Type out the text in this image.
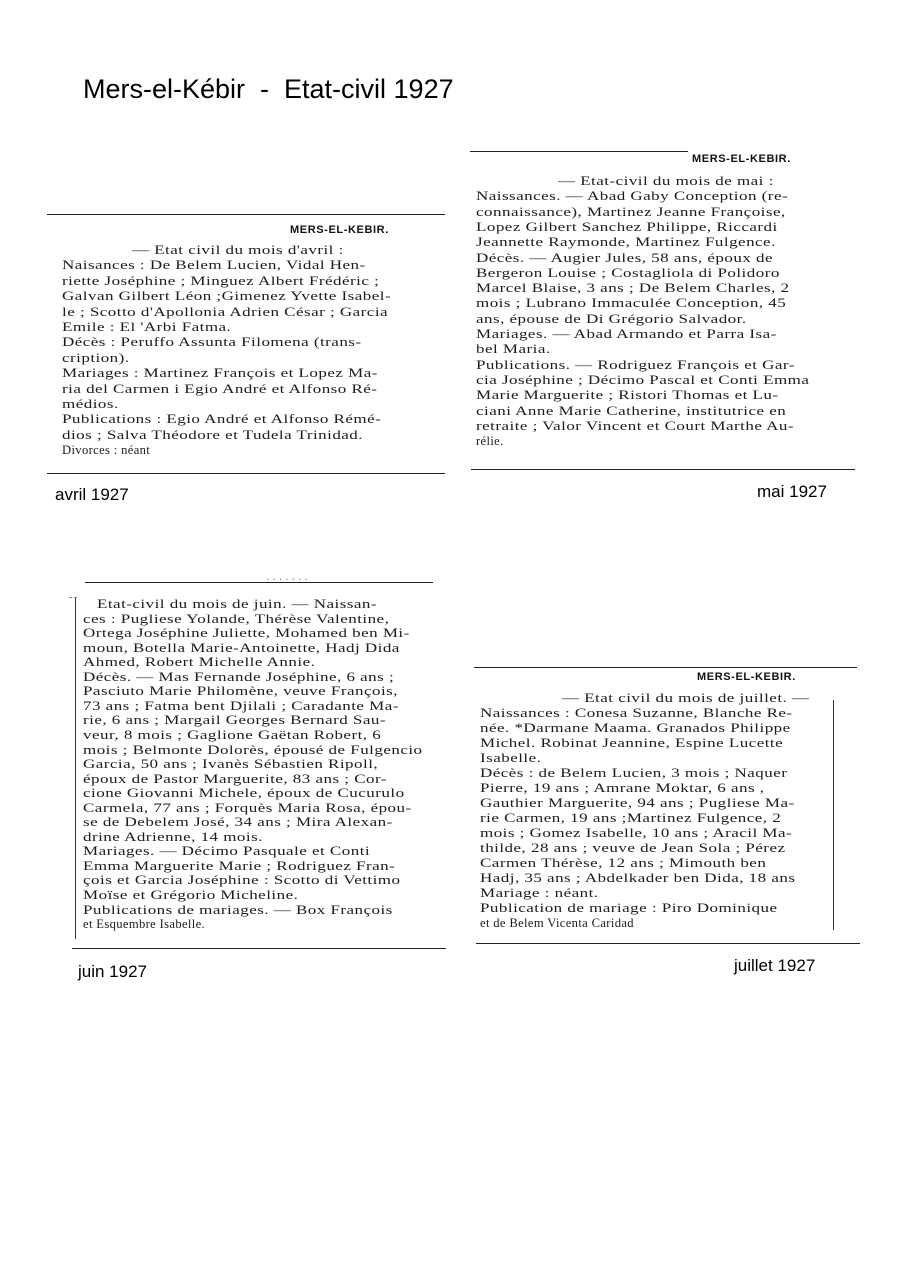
Mers-el-Kébir  -  Etat-civil 1927
MERS-EL-KEBIR.
— Etat civil du mois d'avril :
Naisances : De Belem Lucien, Vidal Hen-
riette Joséphine ; Minguez Albert Frédéric ;
Galvan Gilbert Léon ;Gimenez Yvette Isabel-
le ; Scotto d'Apollonia Adrien César ; Garcia
Emile : El 'Arbi Fatma.
Décès : Peruffo Assunta Filomena (trans-
cription).
Mariages : Martinez François et Lopez Ma-
ria del Carmen i Egio André et Alfonso Ré-
médios.
Publications : Egio André et Alfonso Rémé-
dios ; Salva Théodore et Tudela Trinidad.
Divorces : néant
avril 1927
MERS-EL-KEBIR.
— Etat-civil du mois de mai :
Naissances. — Abad Gaby Conception (re-
connaissance), Martinez Jeanne Françoise,
Lopez Gilbert Sanchez Philippe, Riccardi
Jeannette Raymonde, Martinez Fulgence.
Décès. — Augier Jules, 58 ans, époux de
Bergeron Louise ; Costagliola di Polidoro
Marcel Blaise, 3 ans ; De Belem Charles, 2
mois ; Lubrano Immaculée Conception, 45
ans, épouse de Di Grégorio Salvador.
Mariages. — Abad Armando et Parra Isa-
bel Maria.
Publications. — Rodriguez François et Gar-
cia Joséphine ; Décimo Pascal et Conti Emma
Marie Marguerite ; Ristori Thomas et Lu-
ciani Anne Marie Catherine, institutrice en
retraite ; Valor Vincent et Court Marthe Au-
rélie.
mai 1927
.......
Etat-civil du mois de juin. — Naissan-
ces : Pugliese Yolande, Thérèse Valentine,
Ortega Joséphine Juliette, Mohamed ben Mi-
moun, Botella Marie-Antoinette, Hadj Dida
Ahmed, Robert Michelle Annie.
Décès. — Mas Fernande Joséphine, 6 ans ;
Pasciuto Marie Philomène, veuve François,
73 ans ; Fatma bent Djilali ; Caradante Ma-
rie, 6 ans ; Margail Georges Bernard Sau-
veur, 8 mois ; Gaglione Gaëtan Robert, 6
mois ; Belmonte Dolorès, épousé de Fulgencio
Garcia, 50 ans ; Ivanès Sébastien Ripoll,
époux de Pastor Marguerite, 83 ans ; Cor-
cione Giovanni Michele, époux de Cucurulo
Carmela, 77 ans ; Forquès Maria Rosa, épou-
se de Debelem José, 34 ans ; Mira Alexan-
drine Adrienne, 14 mois.
Mariages. — Décimo Pasquale et Conti
Emma Marguerite Marie ; Rodriguez Fran-
çois et Garcia Joséphine : Scotto di Vettimo
Moïse et Grégorio Micheline.
Publications de mariages. — Box François
et Esquembre Isabelle.
juin 1927
MERS-EL-KEBIR.
— Etat civil du mois de juillet. —
Naissances : Conesa Suzanne, Blanche Re-
née. *Darmane Maama. Granados Philippe
Michel. Robinat Jeannine, Espine Lucette
Isabelle.
Décès : de Belem Lucien, 3 mois ; Naquer
Pierre, 19 ans ; Amrane Moktar, 6 ans ,
Gauthier Marguerite, 94 ans ; Pugliese Ma-
rie Carmen, 19 ans ;Martinez Fulgence, 2
mois ; Gomez Isabelle, 10 ans ; Aracil Ma-
thilde, 28 ans ; veuve de Jean Sola ; Pérez
Carmen Thérèse, 12 ans ; Mimouth ben
Hadj, 35 ans ; Abdelkader ben Dida, 18 ans
Mariage : néant.
Publication de mariage : Piro Dominique
et de Belem Vicenta Caridad
juillet 1927
